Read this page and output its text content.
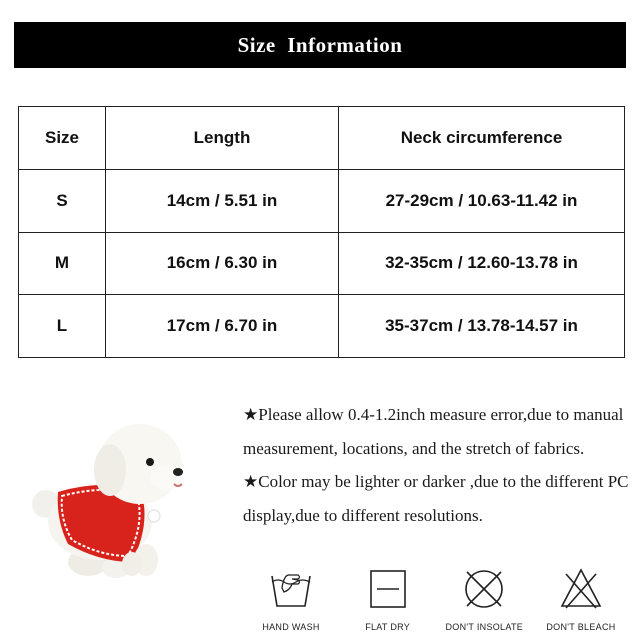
Size  Information
Size	Length	Neck circumference
S	14cm / 5.51 in	27-29cm / 10.63-11.42 in
M	16cm / 6.30 in	32-35cm / 12.60-13.78 in
L	17cm / 6.70 in	35-37cm / 13.78-14.57 in

★Please allow 0.4-1.2inch measure error,due to manual measurement, locations, and the stretch of fabrics.

★Color may be lighter or darker ,due to the different PC display,due to different resolutions.

HAND WASH	FLAT DRY	DON'T INSOLATE	DON'T BLEACH
